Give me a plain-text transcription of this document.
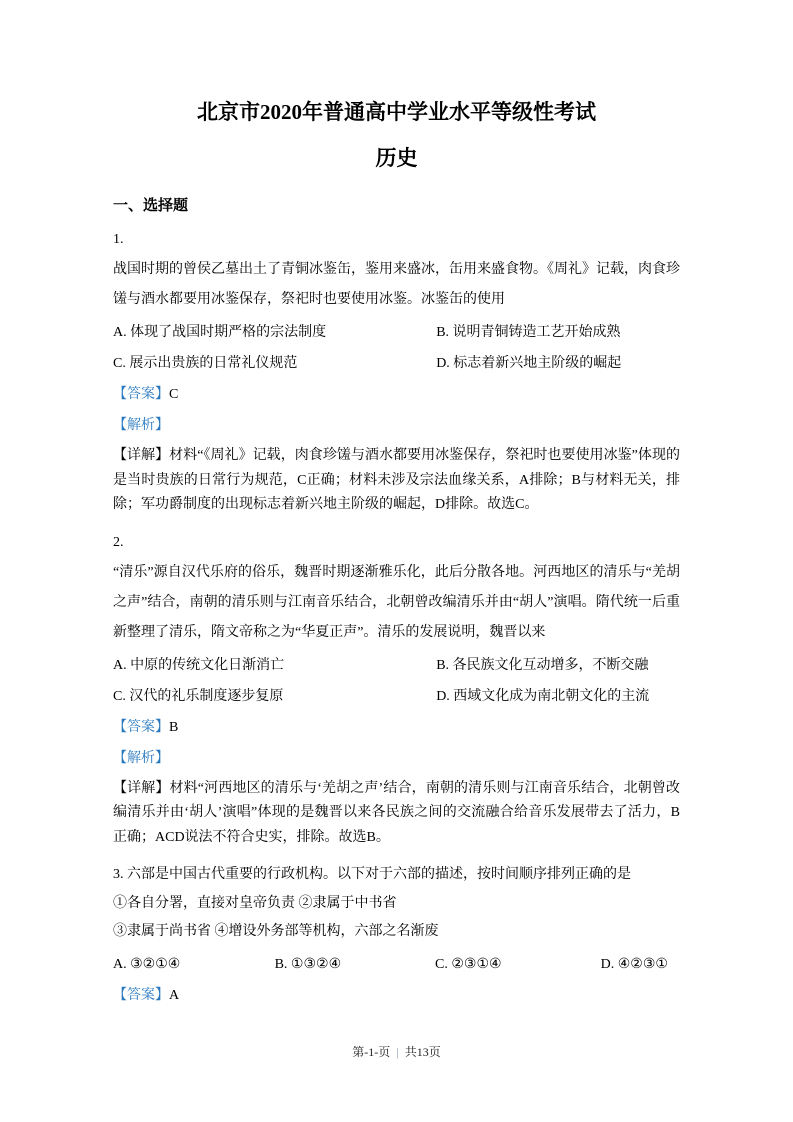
北京市2020年普通高中学业水平等级性考试
历史
一、选择题
1.

战国时期的曾侯乙墓出土了青铜冰鉴缶，鉴用来盛冰，缶用来盛食物。《周礼》记载，肉食珍馐与酒水都要用冰鉴保存，祭祀时也要使用冰鉴。冰鉴缶的使用

A. 体现了战国时期严格的宗法制度	B. 说明青铜铸造工艺开始成熟
C. 展示出贵族的日常礼仪规范	D. 标志着新兴地主阶级的崛起
【答案】C
【解析】

【详解】材料“《周礼》记载，肉食珍馐与酒水都要用冰鉴保存，祭祀时也要使用冰鉴”体现的是当时贵族的日常行为规范，C正确；材料未涉及宗法血缘关系，A排除；B与材料无关，排除；军功爵制度的出现标志着新兴地主阶级的崛起，D排除。故选C。

2.

“清乐”源自汉代乐府的俗乐，魏晋时期逐渐雅乐化，此后分散各地。河西地区的清乐与“羌胡之声”结合，南朝的清乐则与江南音乐结合，北朝曾改编清乐并由“胡人”演唱。隋代统一后重新整理了清乐，隋文帝称之为“华夏正声”。清乐的发展说明，魏晋以来

A. 中原的传统文化日渐消亡	B. 各民族文化互动增多，不断交融
C. 汉代的礼乐制度逐步复原	D. 西域文化成为南北朝文化的主流
【答案】B
【解析】

【详解】材料“河西地区的清乐与‘羌胡之声’结合，南朝的清乐则与江南音乐结合，北朝曾改编清乐并由‘胡人’演唱”体现的是魏晋以来各民族之间的交流融合给音乐发展带去了活力，B正确；ACD说法不符合史实，排除。故选B。

3. 六部是中国古代重要的行政机构。以下对于六部的描述，按时间顺序排列正确的是

①各自分署，直接对皇帝负责 ②隶属于中书省
③隶属于尚书省 ④增设外务部等机构，六部之名渐废
A. ③②①④	B. ①③②④	C. ②③①④	D. ④②③①
【答案】A
第-1-页 | 共13页
